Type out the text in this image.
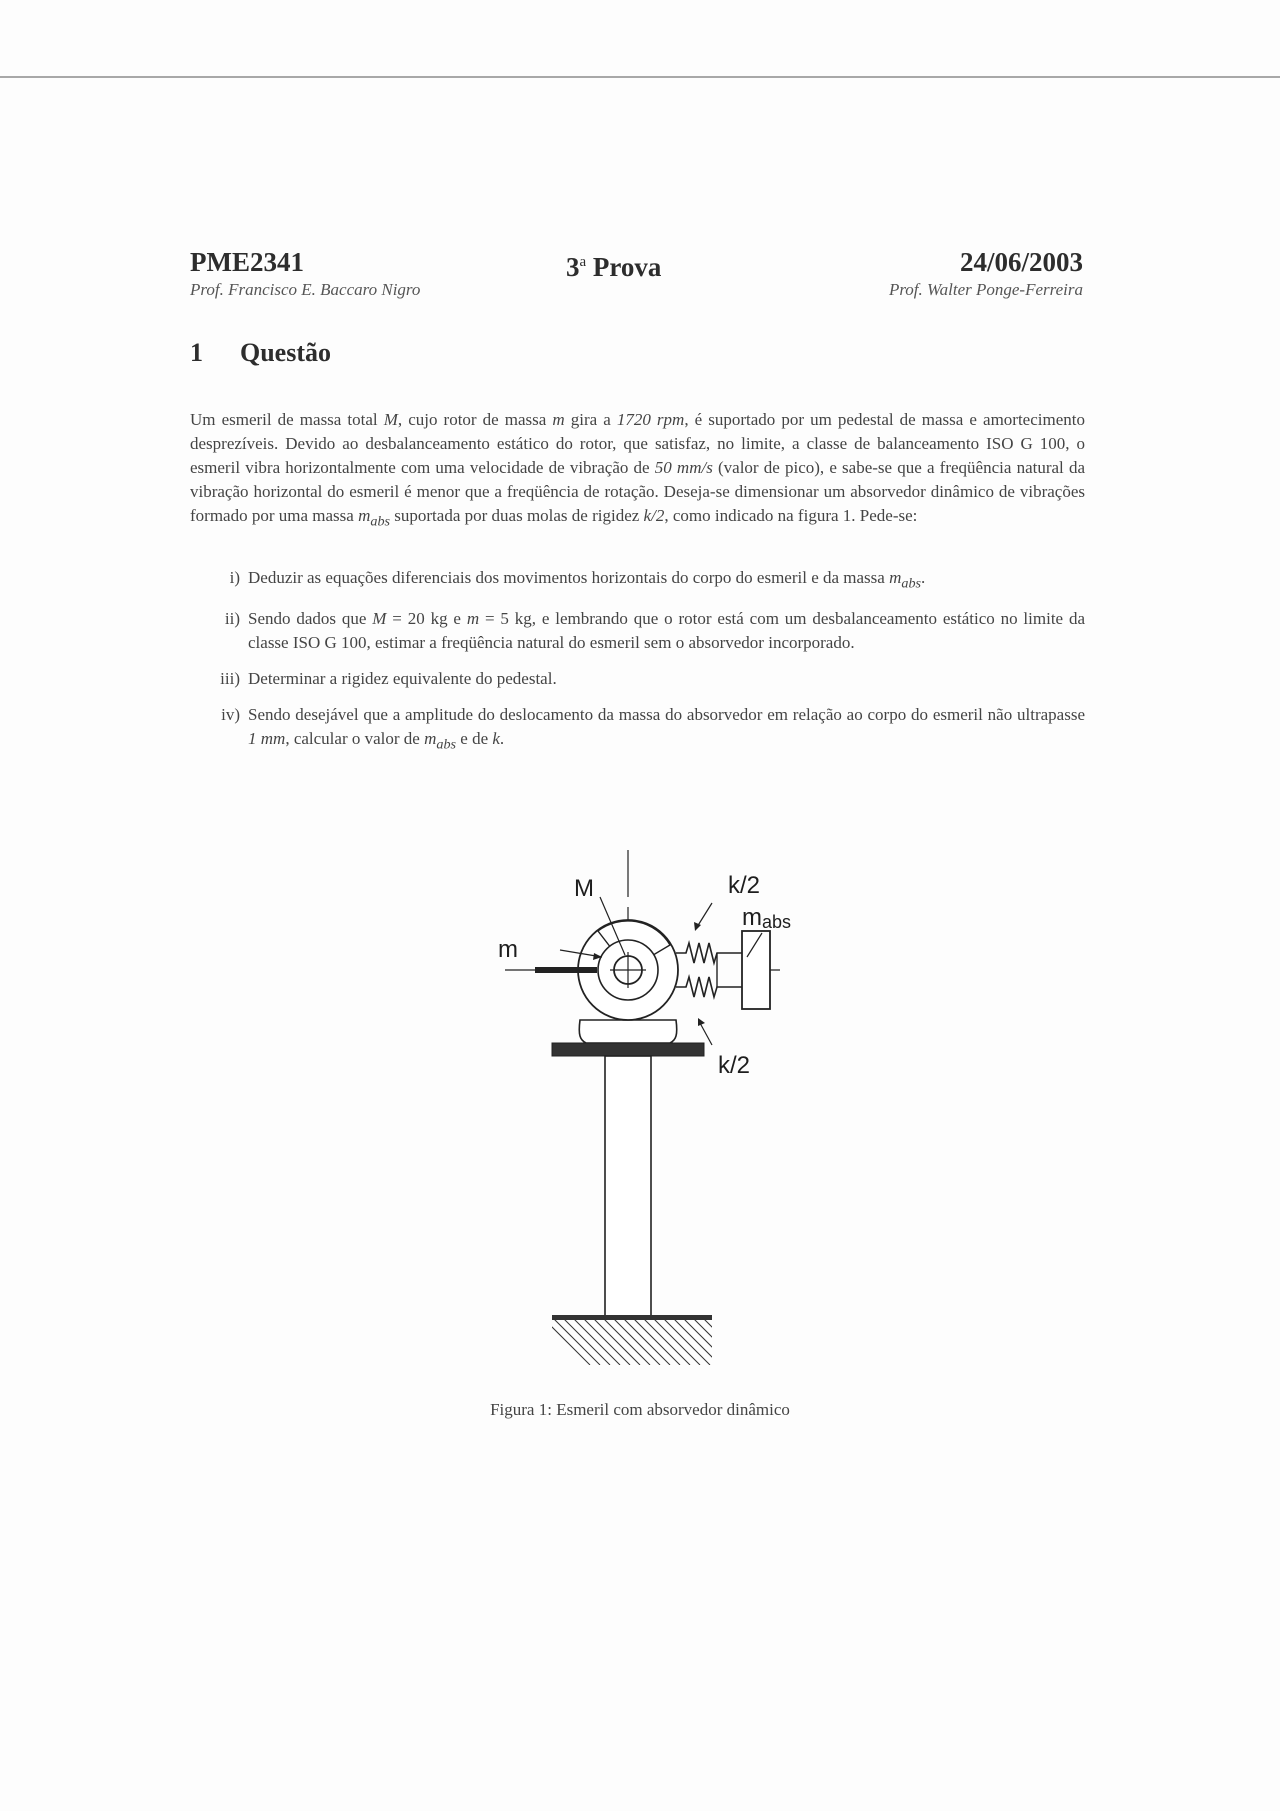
PME2341
Prof. Francisco E. Baccaro Nigro
3$^a$ Prova	24/06/2003
Prof. Walter Ponge-Ferreira
1 Questão
Um esmeril de massa total M, cujo rotor de massa m gira a 1720 rpm, é suportado por um pedestal de massa e amortecimento desprezíveis. Devido ao desbalanceamento estático do rotor, que satisfaz, no limite, a classe de balanceamento ISO G 100, o esmeril vibra horizontalmente com uma velocidade de vibração de 50 mm/s (valor de pico), e sabe-se que a freqüência natural da vibração horizontal do esmeril é menor que a freqüência de rotação. Deseja-se dimensionar um absorvedor dinâmico de vibrações formado por uma massa $m_{abs}$ suportada por duas molas de rigidez k/2, como indicado na figura 1. Pede-se:
i) Deduzir as equações diferenciais dos movimentos horizontais do corpo do esmeril e da massa $m_{abs}$.
ii) Sendo dados que M = 20 kg e m = 5 kg, e lembrando que o rotor está com um desbalanceamento estático no limite da classe ISO G 100, estimar a freqüência natural do esmeril sem o absorvedor incorporado.
iii) Determinar a rigidez equivalente do pedestal.
iv) Sendo desejável que a amplitude do deslocamento da massa do absorvedor em relação ao corpo do esmeril não ultrapasse 1 mm, calcular o valor de $m_{abs}$ e de k.
M
m
k/2
mabs
k/2
Figura 1: Esmeril com absorvedor dinâmico
